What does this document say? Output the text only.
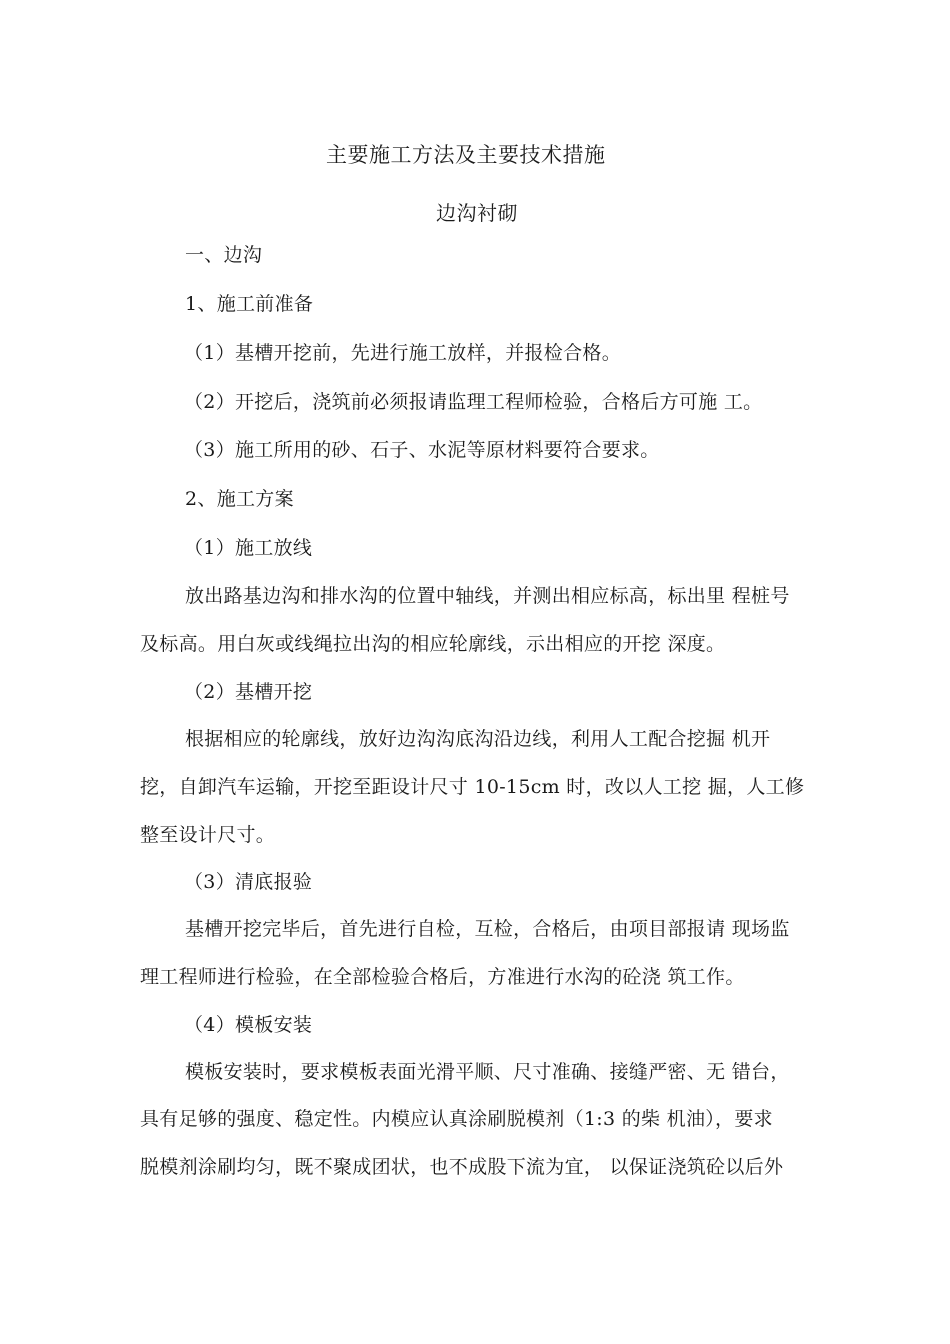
主要施工方法及主要技术措施
边沟衬砌
一、边沟
1、施工前准备
（1）基槽开挖前，先进行施工放样，并报检合格。
（2）开挖后，浇筑前必须报请监理工程师检验，合格后方可施 工。
（3）施工所用的砂、石子、水泥等原材料要符合要求。
2、施工方案
（1）施工放线
放出路基边沟和排水沟的位置中轴线，并测出相应标高，标出里 程桩号
及标高。用白灰或线绳拉出沟的相应轮廓线，示出相应的开挖 深度。
（2）基槽开挖
根据相应的轮廓线，放好边沟沟底沟沿边线，利用人工配合挖掘 机开
挖，自卸汽车运输，开挖至距设计尺寸 10-15cm 时，改以人工挖 掘，人工修
整至设计尺寸。
（3）清底报验
基槽开挖完毕后，首先进行自检，互检，合格后，由项目部报请 现场监
理工程师进行检验，在全部检验合格后，方准进行水沟的砼浇 筑工作。
（4）模板安装
模板安装时，要求模板表面光滑平顺、尺寸准确、接缝严密、无 错台，
具有足够的强度、稳定性。内模应认真涂刷脱模剂（1:3 的柴 机油），要求
脱模剂涂刷均匀，既不聚成团状，也不成股下流为宜， 以保证浇筑砼以后外
